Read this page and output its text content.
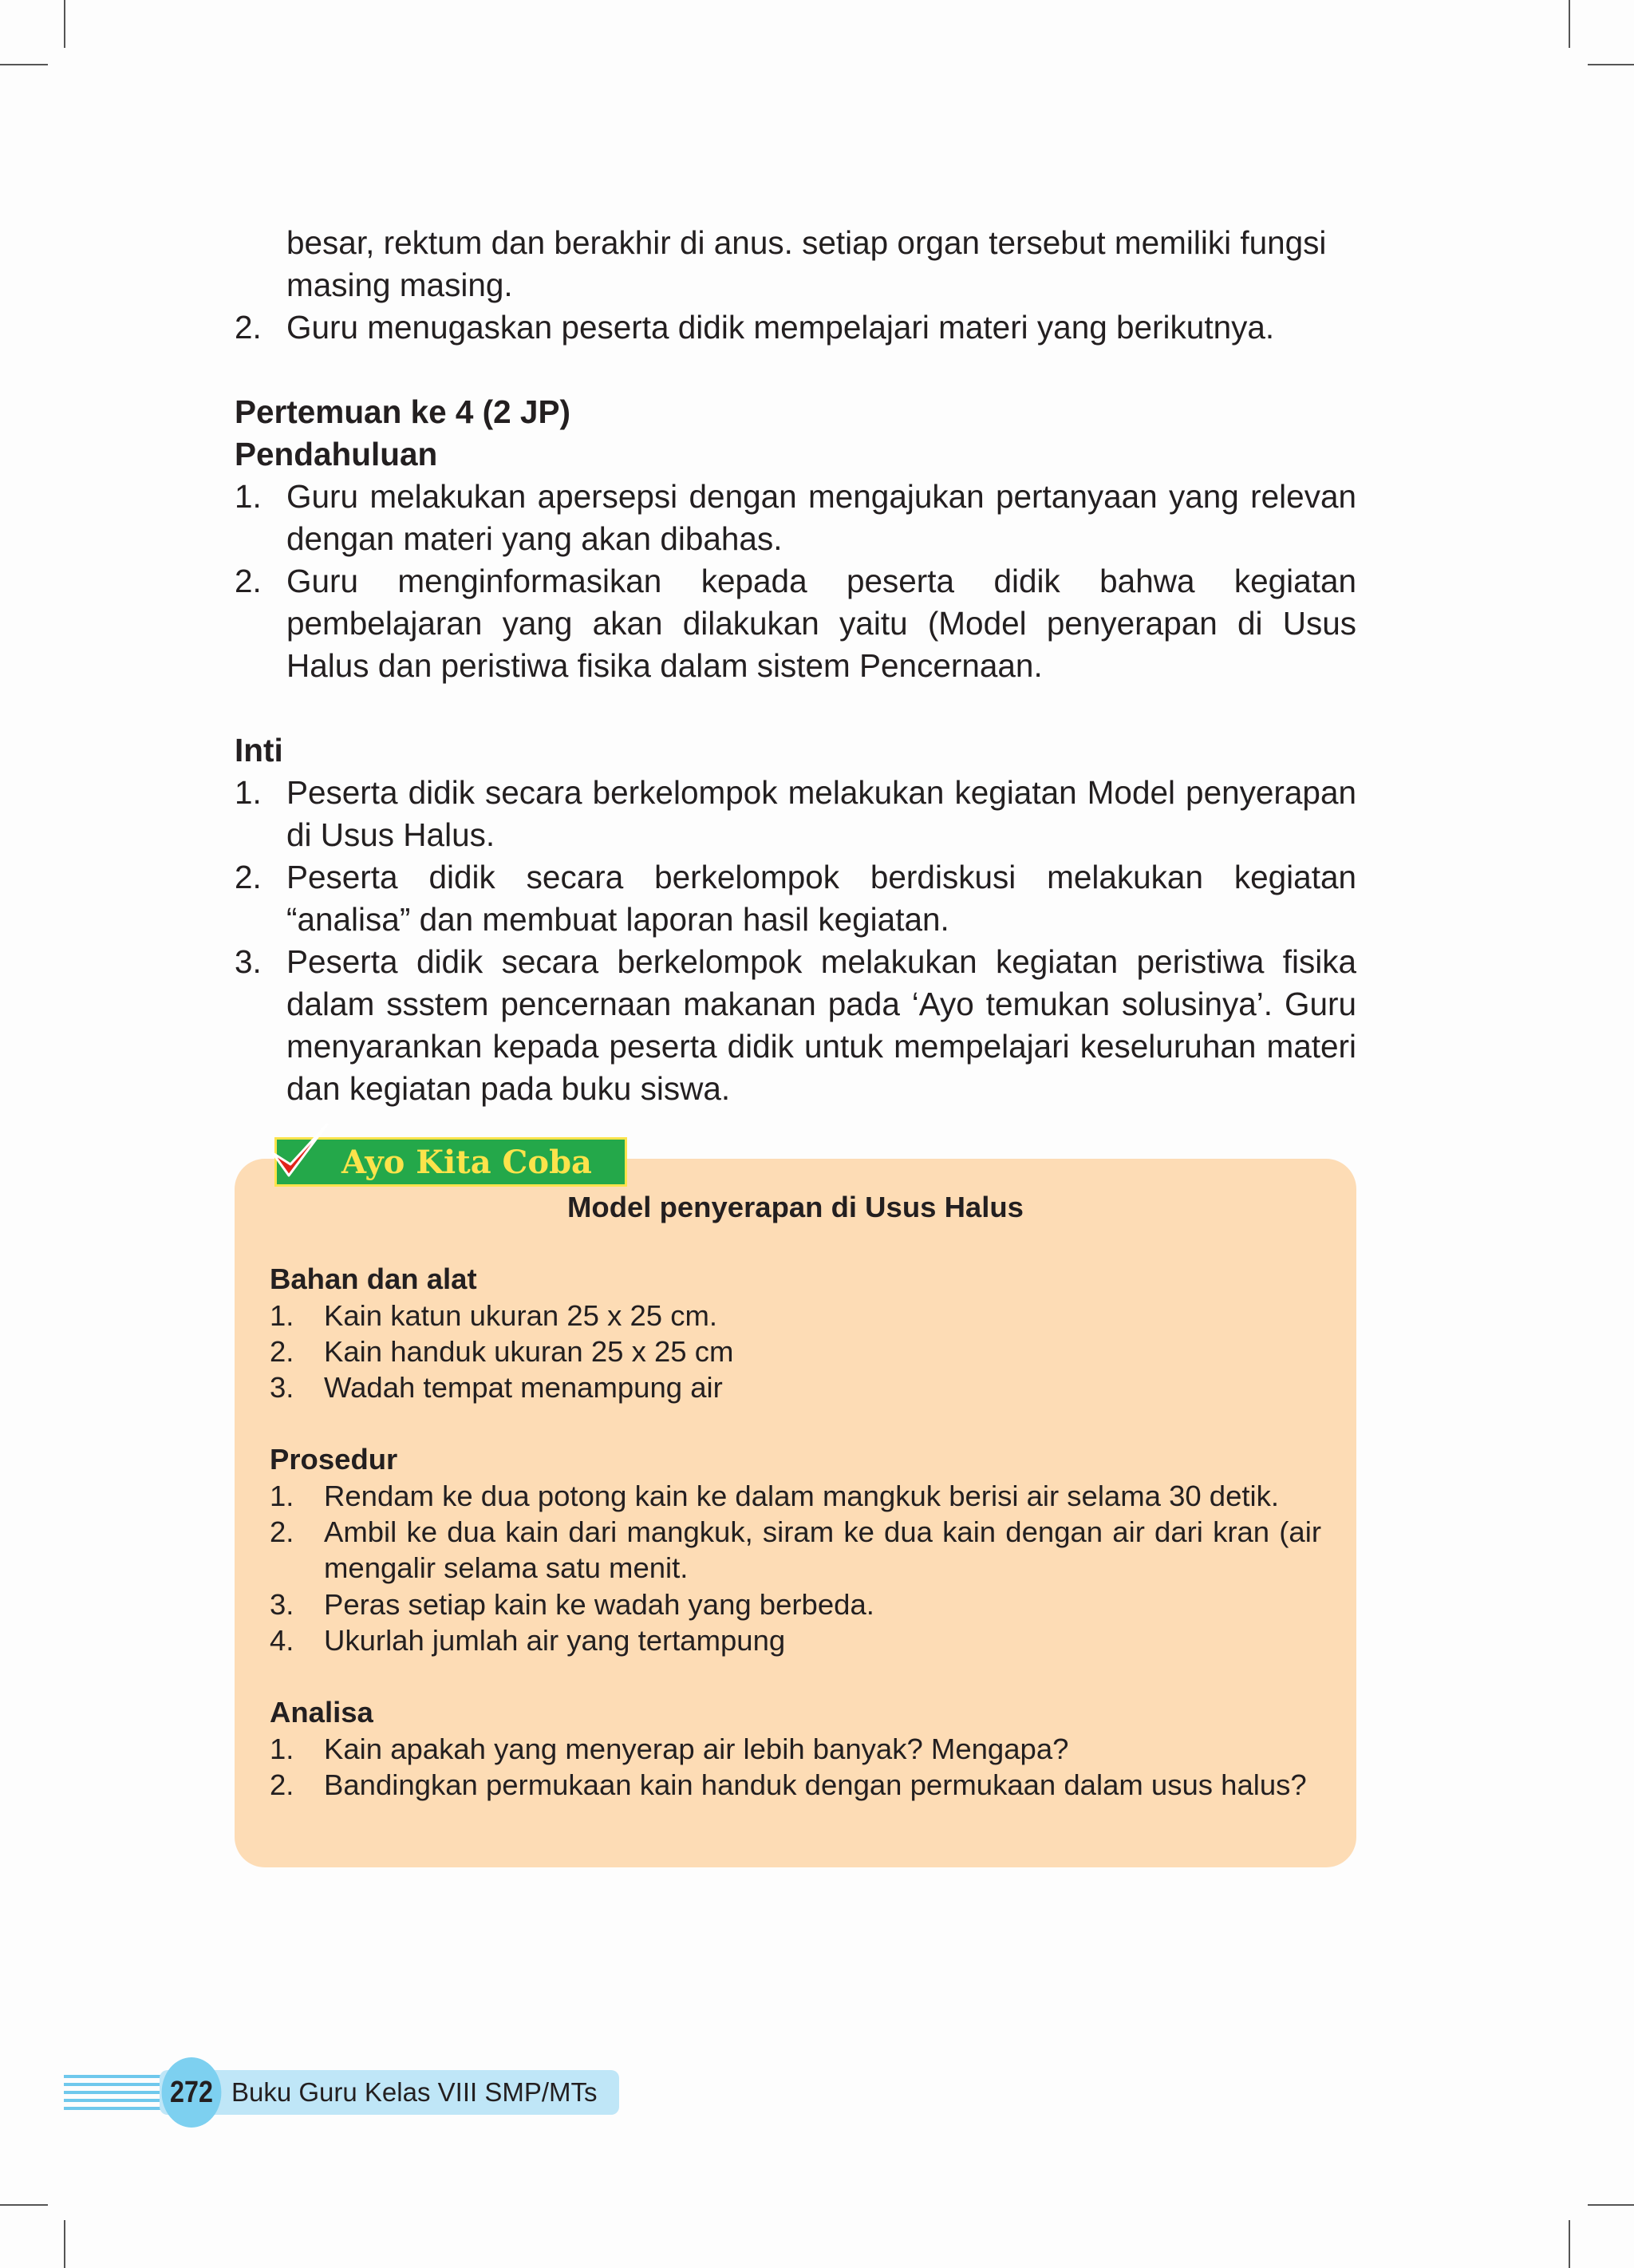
besar, rektum dan berakhir di anus. setiap organ tersebut memiliki fungsi

masing masing.

2. Guru menugaskan peserta didik mempelajari materi yang berikutnya.

Pertemuan ke 4 (2 JP)

Pendahuluan

1. Guru melakukan apersepsi dengan mengajukan pertanyaan yang relevan dengan materi yang akan dibahas.
2. Guru menginformasikan kepada peserta didik bahwa kegiatan pembelajaran yang akan dilakukan yaitu (Model penyerapan di Usus Halus dan peristiwa fisika dalam sistem Pencernaan.

Inti

1. Peserta didik secara berkelompok melakukan kegiatan Model penyerapan di Usus Halus.
2. Peserta didik secara berkelompok berdiskusi melakukan kegiatan “analisa” dan membuat laporan hasil kegiatan.
3. Peserta didik secara berkelompok melakukan kegiatan peristiwa fisika dalam ssstem pencernaan makanan pada ‘Ayo temukan solusinya’. Guru menyarankan kepada peserta didik untuk mempelajari keseluruhan materi dan kegiatan pada buku siswa.

Model penyerapan di Usus Halus

Bahan dan alat

1. Kain katun ukuran 25 x 25 cm.
2. Kain handuk ukuran 25 x 25 cm
3. Wadah tempat menampung air

Prosedur

1. Rendam ke dua potong kain ke dalam mangkuk berisi air selama 30 detik.
2. Ambil ke dua kain dari mangkuk, siram ke dua kain dengan air dari kran (air mengalir selama satu menit.
3. Peras setiap kain ke wadah yang berbeda.
4. Ukurlah jumlah air yang tertampung

Analisa

1. Kain apakah yang menyerap air lebih banyak? Mengapa?
2. Bandingkan permukaan kain handuk dengan permukaan dalam usus halus?
Ayo Kita Coba
272 Buku Guru Kelas VIII SMP/MTs
